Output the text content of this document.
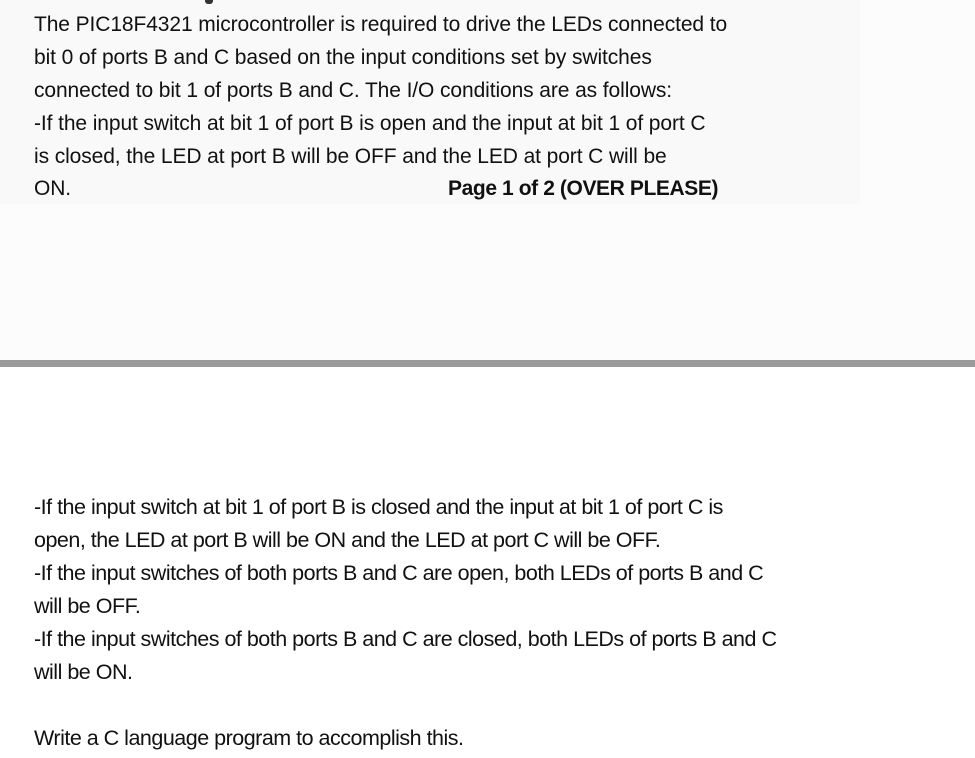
The PIC18F4321 microcontroller is required to drive the LEDs connected to
bit 0 of ports B and C based on the input conditions set by switches
connected to bit 1 of ports B and C. The I/O conditions are as follows:
-If the input switch at bit 1 of port B is open and the input at bit 1 of port C
is closed, the LED at port B will be OFF and the LED at port C will be
ON.	Page 1 of 2 (OVER PLEASE)
-If the input switch at bit 1 of port B is closed and the input at bit 1 of port C is
open, the LED at port B will be ON and the LED at port C will be OFF.
-If the input switches of both ports B and C are open, both LEDs of ports B and C
will be OFF.
-If the input switches of both ports B and C are closed, both LEDs of ports B and C
will be ON.
Write a C language program to accomplish this.
